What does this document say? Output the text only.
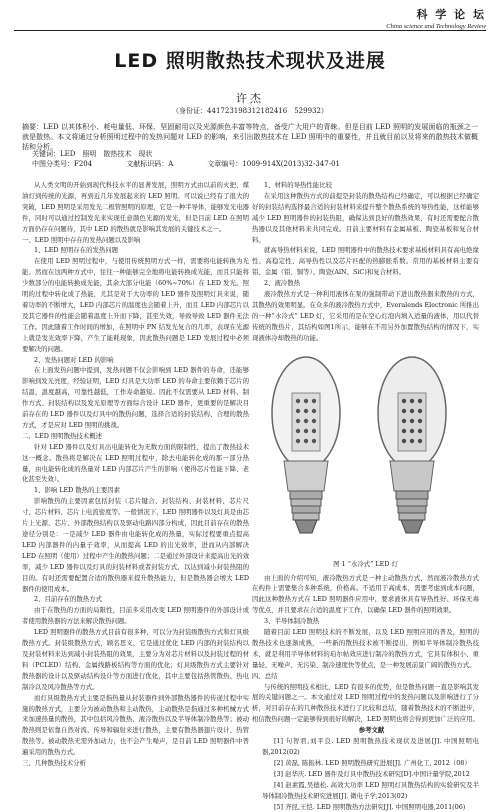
科 学 论 坛
China science and Technology Review
LED 照明散热技术现状及进展
许杰
（身份证：441723198312182416　529932）
摘要：LED 以其体积小、耗电量低、环保、坚固耐用以及光源颜色丰富等特点，备受广大用户的青睐。但是目前 LED 照明的发展面临的瓶颈之一就是散热。本文将通过分析照明过程中的发热问题对 LED 的影响，来引出散热技术在 LED 照明中的重要性，并且就目前以及将来的散热技术做概括和分析。
关键词：LED　照明　散热技术　现状
中图分类号：F204	文献标识码：A	文章编号：1009-914X(2013)32-347-01

从人类文明的开始到现代科技水平的显著发展，照明方式由以前的火把、煤油灯到传统的光源，再到近几年发展起来的 LED 照明。可以说已经有了很大的突破，LED 照明是采用发光二极管照明的原理，它是一种半导体，能够发光电器件，同时可以通过控制发光来实现任意颜色光源的发光，但是目前 LED 在照明方面仍存在问题待，其中 LED 的散热就是影响其发展的关键技术之一。

一、LED 照明中存在的发热问题以及影响

1、LED 照明存在的发热问题

在使用 LED 照明过程中，与使用传统照明方式一样，需要将电能转换为光能。然而在这两种方式中，往往一种能够完全地将电能转换成光能，而且只能将少数部分的电能转换成光能，其余大部分电能（60%~70%）在 LED 发光。照明的过程中转化成了热能，尤其是对于大功率的 LED 器件及照明灯具来说，随着功率的不断增大，LED 内部芯片的温度也会随着上升，而且 LED 内部芯片以及其它器件的性能会随着温度上升而下降，甚至失效，导致导致 LED 器件无法工作。因此随着工作时间的增加，在照明中 PN 结发光复合的几率，表现在光源上就是发光效率下降，产生了能耗现象，因此散热问题是 LED 发展过程中必须要解决的问题。

2、发热问题对 LED 的影响

在上面发热问题中提到，发热问题不仅会影响到 LED 器件的寿命，还能够影响到发光亮度，经验证明，LED 灯具是大功率 LED 的寿命主要依赖于芯片的结温，温度越高，可靠性越低，工作寿命越短。因此不仅需要从 LED 材料、制作方式、封装结构以及发光原理等方面综合设计 LED 器件，更重要的是解决目前存在的 LED 器件以及灯具中的散热问题，选择合适的封装结构、合理的散热方式，才是应对 LED 照明的挑战。

二、LED 照明散热技术概述

针对 LED 器件以及灯具出电能转化为无数方面的限制性，提出了散热技术这一概念。散热将是解决在 LED 照明过程中，除去电能转化成的那一部分热量，由电能转化成的热量对 LED 内部芯片产生的影响（使得芯片性能下降、老化甚至失效）。

1、影响 LED 散热的主要因素

影响散热的主要因素包括封装（芯片键合、封装结构、封装材料、芯片尺寸、芯片材料、芯片上电流密度等。一般情况下，LED 照明器件以及灯具是由芯片上光源、芯片、外部散热结构以及驱动电路四部分构成，因此目前存在的散热途径分别是：一是减少 LED 器件由电能转化成的热量，实际过程要重点提高 LED 内部器件的内量子效率，从而提高 LED 的出光效率，进而从内部解决 LED 在照明（使用）过程中产生的散热问题；二是通过外部设计来提高出光的效率，减少 LED 器件以及灯具的封装材料或者封装方式，以达到减小封装热阻的目的。有时还需要配置合适的散热器来提升散热能力，但是散热器会增大 LED 器件的使用成本。

2、目前存在的散热方式

由于在散热的方面的局限性，目前多采用改变 LED 照明器件的外部设计或者使用散热器的方法来解决散热问题。

LED 照明器件的散热方式目前有很多种，可以分为封装级散热方式和灯具级散热方式。封装级散热方式，顾名思义，它是通过优化 LED 内部的封装结构以及封装材料来达到减小封装热阻的效果，主要分为对芯片材料以及封装过程的材料（PCLED）结构、金属线路板结构等方面的优化；灯具级散热方式主要针对散热器的设计以及驱动结构设计等方面进行优化，其中主要包括热管散热、热电制冷以及风冷散热等方式。

而灯具级散热方式主要是指热量从封装器件到外部散热器件的传递过程中实施的散热方式，主要分为被动散热和主动散热，主动散热是指通过多种机械方式来加速热量的散热，其中包括风冷散热、液冷散热以及半导体制冷散热等；被动散热则是依靠自然对流、传导和辐射来进行散热，主要有散热器翅片设计、热管散热等。被动散热无需外加动力，也不会产生噪声，是目前 LED 照明器件中普遍采用的散热方式。

三、几种散热技术分析

1、材料的导热性能比较

在采用这种散热方式的前提是封装的散热结构已经确定，可以根据已经确定好的封装结构选择最合适的封装材料来提升整个散热系统的导热性能，这样能够减少 LED 照明器件的封装热阻，确保达到良好的散热效果，有时还需要配合散热器以及其他材料来共同完成。目前主要材料有金属基板、陶瓷基板和复合材料。

就高导热材料来说，LED 照明器件中的散热技术要求基板材料具有高电绝缘性、高稳定性、高导热性以及芯片匹配的热膨胀系数。常用的基板材料主要有铝、金属（铝、铜等）、陶瓷(AlN、SiC)和复合材料。

2、液冷散热

液冷散热方式是一种利用液体在泵的强制带动下进出散热器来散热的方式，其散热的效果明显。在众多的液冷散热方式中，Everalends Electronic 所推出的一种“水冷式” LED 灯，它采用的是在空心灯泡内填入适量的液体，用以代替传统的散热片，其结构如图1所示，能够在不用另外加置散热结构的情况下，实现液体冷却散热的功能。

图 1 “水冷式” LED 灯

由上面的介绍可知，液冷散热方式是一种主动散热方式，然而液冷散热方式在构件上需要集合多种系统，价格高。不适用于高成本，需要考虑到成本问题，因此这种散热方式在 LED 照明器件应用中，要求液体具有导热性好、环保无毒等优点，并且要求在合适的温度下工作，以确保 LED 器件的照明效果。

3、半导体制冷散热

随着目前 LED 照明技术的不断发展，以及 LED 照明应用的普及，照明的散热技术也逐渐成熟，一些新的散热技术被不断提出，例如半导体制冷散热技术，就是利用半导体材料的珀尔帖效应进行制冷的散热方式，它具有体积小、重量轻、无噪声、无污染、制冷速度快等优点，是一种发展前景广阔的散热方式。

四、总结

与传统的照明技术相比，LED 有很多的优势，但是散热问题一直是影响其发展的关键问题之一。本文通过对 LED 照明过程中的发热问题以及影响进行了分析，对目前存在的几种散热技术进行了比较和总结，随着散热技术的不断进步，相信散热问题一定能够得到很好的解决，LED 照明也将会得到更加广泛的应用。

参考文献

[1] 句智君,刘平良. LED 照明散热技术现状及进展[J]. 中国照明电器,2012(02)

[2] 黄磊, 陈振林. LED 照明散热研究进展[J]. 广州化工, 2012（08）

[3] 赵华庆. LED 器件及灯具中散热技术研究[D].中国计量学院,2012

[4] 赵素霞,吴德松. 高效大功率 LED 照明灯具散热结构的实验研究及半导体制冷散热技术研究进展[J]. 微电子学,2013(02)

[5] 齐昆,王恺. LED 照明散热方法研究[J]. 中国照明电器,2011(06)
